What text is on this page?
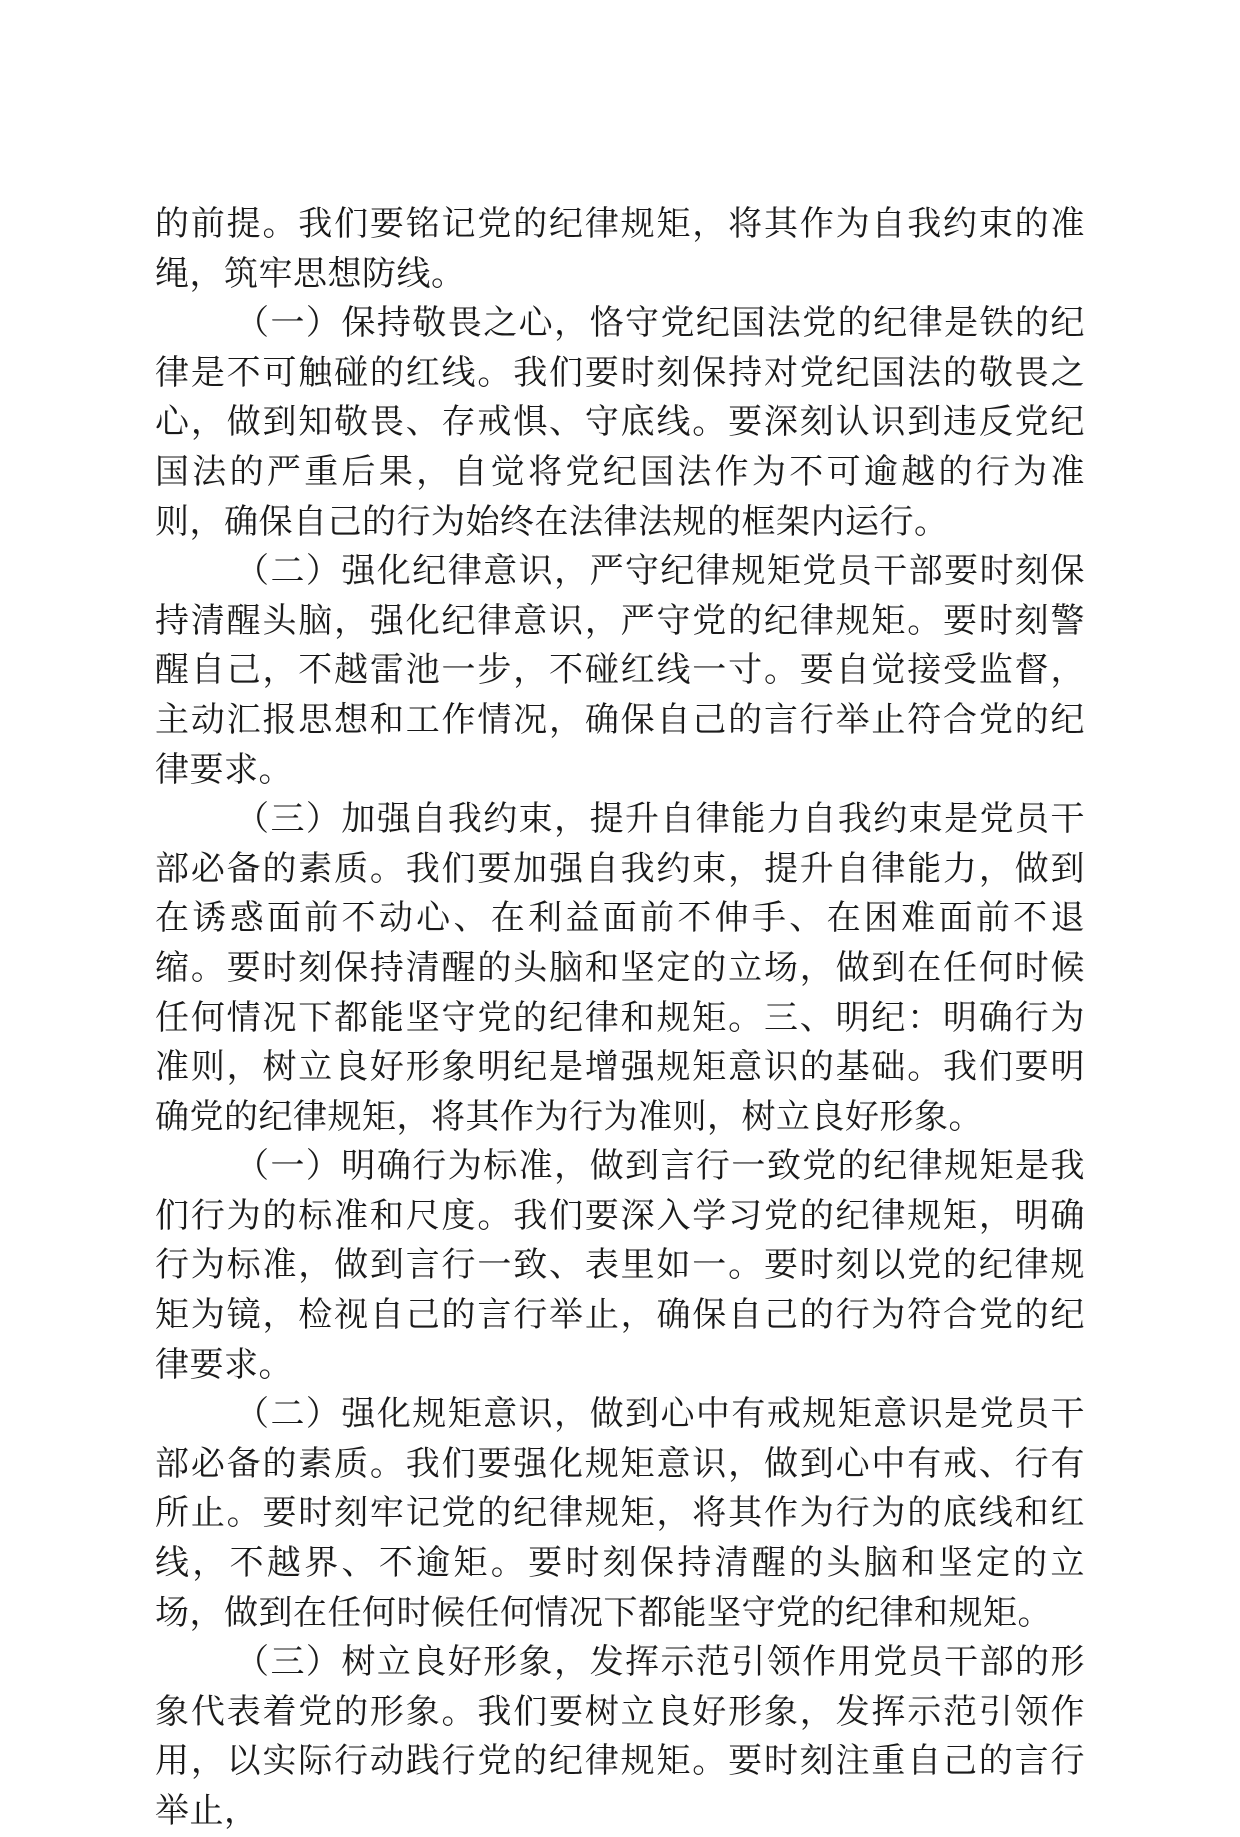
的前提。我们要铭记党的纪律规矩，将其作为自我约束的准绳，筑牢思想防线。

（一）保持敬畏之心，恪守党纪国法党的纪律是铁的纪律是不可触碰的红线。我们要时刻保持对党纪国法的敬畏之心，做到知敬畏、存戒惧、守底线。要深刻认识到违反党纪国法的严重后果，自觉将党纪国法作为不可逾越的行为准则，确保自己的行为始终在法律法规的框架内运行。

（二）强化纪律意识，严守纪律规矩党员干部要时刻保持清醒头脑，强化纪律意识，严守党的纪律规矩。要时刻警醒自己，不越雷池一步，不碰红线一寸。要自觉接受监督，主动汇报思想和工作情况，确保自己的言行举止符合党的纪律要求。

（三）加强自我约束，提升自律能力自我约束是党员干部必备的素质。我们要加强自我约束，提升自律能力，做到在诱惑面前不动心、在利益面前不伸手、在困难面前不退缩。要时刻保持清醒的头脑和坚定的立场，做到在任何时候任何情况下都能坚守党的纪律和规矩。三、明纪：明确行为准则，树立良好形象明纪是增强规矩意识的基础。我们要明确党的纪律规矩，将其作为行为准则，树立良好形象。

（一）明确行为标准，做到言行一致党的纪律规矩是我们行为的标准和尺度。我们要深入学习党的纪律规矩，明确行为标准，做到言行一致、表里如一。要时刻以党的纪律规矩为镜，检视自己的言行举止，确保自己的行为符合党的纪律要求。

（二）强化规矩意识，做到心中有戒规矩意识是党员干部必备的素质。我们要强化规矩意识，做到心中有戒、行有所止。要时刻牢记党的纪律规矩，将其作为行为的底线和红线，不越界、不逾矩。要时刻保持清醒的头脑和坚定的立场，做到在任何时候任何情况下都能坚守党的纪律和规矩。

（三）树立良好形象，发挥示范引领作用党员干部的形象代表着党的形象。我们要树立良好形象，发挥示范引领作用，以实际行动践行党的纪律规矩。要时刻注重自己的言行举止，
